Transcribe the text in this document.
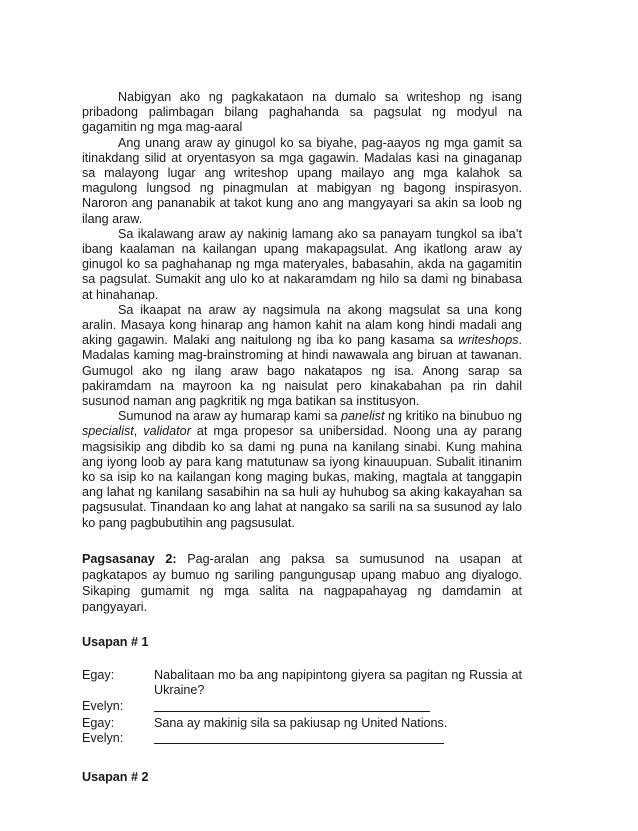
Nabigyan ako ng pagkakataon na dumalo sa writeshop ng isang pribadong palimbagan bilang paghahanda sa pagsulat ng modyul na gagamitin ng mga mag-aaral

Ang unang araw ay ginugol ko sa biyahe, pag-aayos ng mga gamit sa itinakdang silid at oryentasyon sa mga gagawin. Madalas kasi na ginaganap sa malayong lugar ang writeshop upang mailayo ang mga kalahok sa magulong lungsod ng pinagmulan at mabigyan ng bagong inspirasyon. Naroron ang pananabik at takot kung ano ang mangyayari sa akin sa loob ng ilang araw.

Sa ikalawang araw ay nakinig lamang ako sa panayam tungkol sa iba’t ibang kaalaman na kailangan upang makapagsulat. Ang ikatlong araw ay ginugol ko sa paghahanap ng mga materyales, babasahin, akda na gagamitin sa pagsulat. Sumakit ang ulo ko at nakaramdam ng hilo sa dami ng binabasa at hinahanap.

Sa ikaapat na araw ay nagsimula na akong magsulat sa una kong aralin. Masaya kong hinarap ang hamon kahit na alam kong hindi madali ang aking gagawin. Malaki ang naitulong ng iba ko pang kasama sa writeshops. Madalas kaming mag-brainstroming at hindi nawawala ang biruan at tawanan. Gumugol ako ng ilang araw bago nakatapos ng isa. Anong sarap sa pakiramdam na mayroon ka ng naisulat pero kinakabahan pa rin dahil susunod naman ang pagkritik ng mga batikan sa institusyon.

Sumunod na araw ay humarap kami sa panelist ng kritiko na binubuo ng specialist, validator at mga propesor sa unibersidad. Noong una ay parang magsisikip ang dibdib ko sa dami ng puna na kanilang sinabi. Kung mahina ang iyong loob ay para kang matutunaw sa iyong kinauupuan. Subalit itinanim ko sa isip ko na kailangan kong maging bukas, making, magtala at tanggapin ang lahat ng kanilang sasabihin na sa huli ay huhubog sa aking kakayahan sa pagsusulat. Tinandaan ko ang lahat at nangako sa sarili na sa susunod ay lalo ko pang pagbubutihin ang pagsusulat.

Pagsasanay 2: Pag-aralan ang paksa sa sumusunod na usapan at pagkatapos ay bumuo ng sariling pangungusap upang mabuo ang diyalogo. Sikaping gumamit ng mga salita na nagpapahayag ng damdamin at pangyayari.

Usapan # 1
Egay:	Nabalitaan mo ba ang napipintong giyera sa pagitan ng Russia at Ukraine?
Evelyn:
Egay:	Sana ay makinig sila sa pakiusap ng United Nations.
Evelyn:
Usapan # 2
